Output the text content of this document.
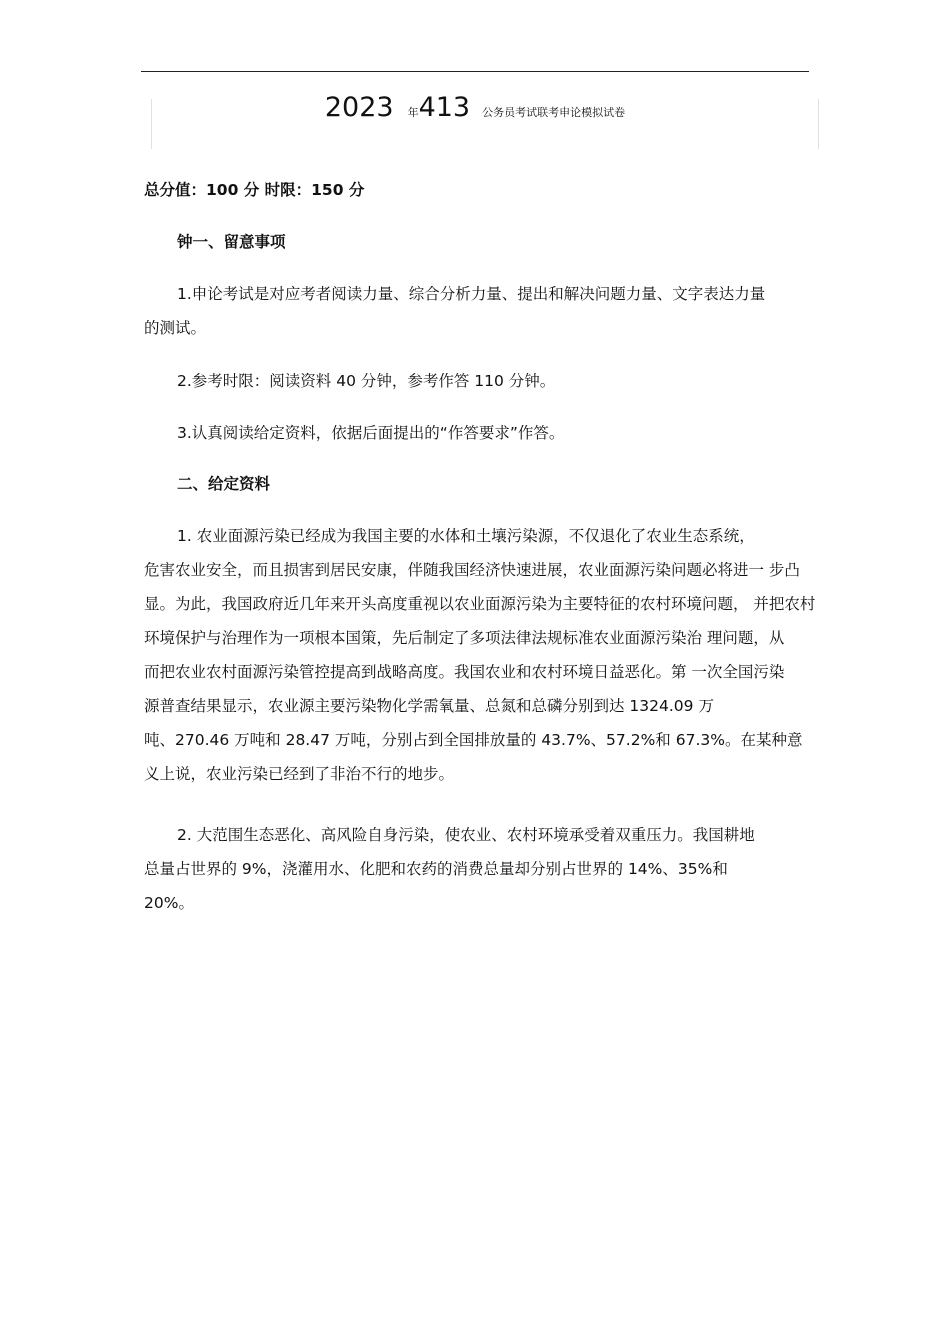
2023 年413 公务员考试联考申论模拟试卷
总分值：100 分 时限：150 分
钟一、留意事项
1.申论考试是对应考者阅读力量、综合分析力量、提出和解决问题力量、文字表达力量
的测试。
2.参考时限：阅读资料 40 分钟，参考作答 110 分钟。
3.认真阅读给定资料，依据后面提出的“作答要求”作答。
二、给定资料
1. 农业面源污染已经成为我国主要的水体和土壤污染源，不仅退化了农业生态系统，
危害农业安全，而且损害到居民安康，伴随我国经济快速进展，农业面源污染问题必将进一 步凸
显。为此，我国政府近几年来开头高度重视以农业面源污染为主要特征的农村环境问题， 并把农村
环境保护与治理作为一项根本国策，先后制定了多项法律法规标准农业面源污染治 理问题，从
而把农业农村面源污染管控提高到战略高度。我国农业和农村环境日益恶化。第 一次全国污染
源普查结果显示，农业源主要污染物化学需氧量、总氮和总磷分别到达 1324.09 万
吨、270.46 万吨和 28.47 万吨，分别占到全国排放量的 43.7%、57.2%和 67.3%。在某种意
义上说，农业污染已经到了非治不行的地步。
2. 大范围生态恶化、高风险自身污染，使农业、农村环境承受着双重压力。我国耕地
总量占世界的 9%，浇灌用水、化肥和农药的消费总量却分别占世界的 14%、35%和
20%。
